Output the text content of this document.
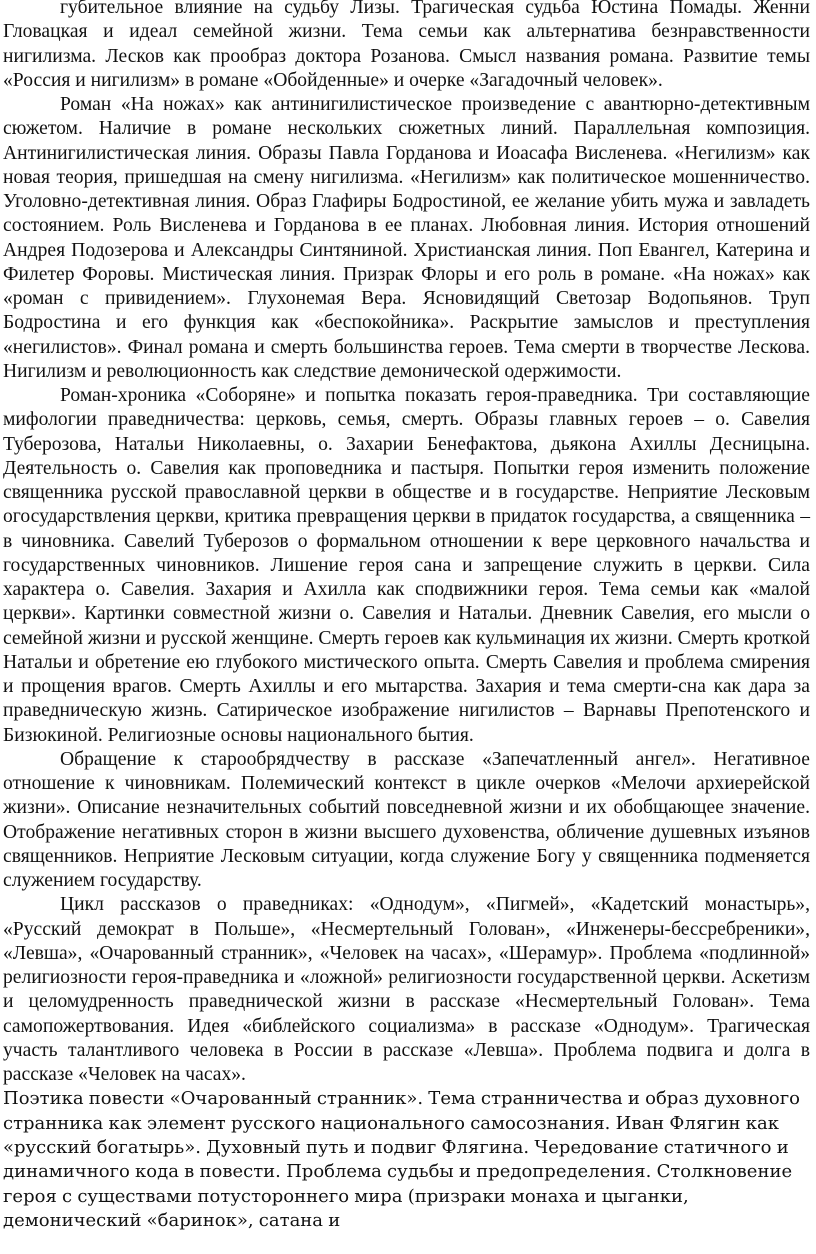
губительное влияние на судьбу Лизы. Трагическая судьба Юстина Помады. Женни Гловацкая и идеал семейной жизни. Тема семьи как альтернатива безнравственности нигилизма. Лесков как прообраз доктора Розанова. Смысл названия романа. Развитие темы «Россия и нигилизм» в романе «Обойденные» и очерке «Загадочный человек».

Роман «На ножах» как антинигилистическое произведение с авантюрно-детективным сюжетом. Наличие в романе нескольких сюжетных линий. Параллельная композиция. Антинигилистическая линия. Образы Павла Горданова и Иоасафа Висленева. «Негилизм» как новая теория, пришедшая на смену нигилизма. «Негилизм» как политическое мошенничество. Уголовно-детективная линия. Образ Глафиры Бодростиной, ее желание убить мужа и завладеть состоянием. Роль Висленева и Горданова в ее планах. Любовная линия. История отношений Андрея Подозерова и Александры Синтяниной. Христианская линия. Поп Евангел, Катерина и Филетер Форовы. Мистическая линия. Призрак Флоры и его роль в романе. «На ножах» как «роман с привидением». Глухонемая Вера. Ясновидящий Светозар Водопьянов. Труп Бодростина и его функция как «беспокойника». Раскрытие замыслов и преступления «негилистов». Финал романа и смерть большинства героев. Тема смерти в творчестве Лескова. Нигилизм и революционность как следствие демонической одержимости.

Роман-хроника «Соборяне» и попытка показать героя-праведника. Три составляющие мифологии праведничества: церковь, семья, смерть. Образы главных героев – о. Савелия Туберозова, Натальи Николаевны, о. Захарии Бенефактова, дьякона Ахиллы Десницына. Деятельность о. Савелия как проповедника и пастыря. Попытки героя изменить положение священника русской православной церкви в обществе и в государстве. Неприятие Лесковым огосударствления церкви, критика превращения церкви в придаток государства, а священника – в чиновника. Савелий Туберозов о формальном отношении к вере церковного начальства и государственных чиновников. Лишение героя сана и запрещение служить в церкви. Сила характера о. Савелия. Захария и Ахилла как сподвижники героя. Тема семьи как «малой церкви». Картинки совместной жизни о. Савелия и Натальи. Дневник Савелия, его мысли о семейной жизни и русской женщине. Смерть героев как кульминация их жизни. Смерть кроткой Натальи и обретение ею глубокого мистического опыта. Смерть Савелия и проблема смирения и прощения врагов. Смерть Ахиллы и его мытарства. Захария и тема смерти-сна как дара за праведническую жизнь. Сатирическое изображение нигилистов – Варнавы Препотенского и Бизюкиной. Религиозные основы национального бытия.

Обращение к старообрядчеству в рассказе «Запечатленный ангел». Негативное отношение к чиновникам. Полемический контекст в цикле очерков «Мелочи архиерейской жизни». Описание незначительных событий повседневной жизни и их обобщающее значение. Отображение негативных сторон в жизни высшего духовенства, обличение душевных изъянов священников. Неприятие Лесковым ситуации, когда служение Богу у священника подменяется служением государству.

Цикл рассказов о праведниках: «Однодум», «Пигмей», «Кадетский монастырь», «Русский демократ в Польше», «Несмертельный Голован», «Инженеры-бессребреники», «Левша», «Очарованный странник», «Человек на часах», «Шерамур». Проблема «подлинной» религиозности героя-праведника и «ложной» религиозности государственной церкви. Аскетизм и целомудренность праведнической жизни в рассказе «Несмертельный Голован». Тема самопожертвования. Идея «библейского социализма» в рассказе «Однодум». Трагическая участь талантливого человека в России в рассказе «Левша». Проблема подвига и долга в рассказе «Человек на часах».

Поэтика повести «Очарованный странник». Тема странничества и образ духовного странника как элемент русского национального самосознания. Иван Флягин как «русский богатырь». Духовный путь и подвиг Флягина. Чередование статичного и динамичного кода в повести. Проблема судьбы и предопределения. Столкновение героя с существами потустороннего мира (призраки монаха и цыганки, демонический «баринок», сатана и
